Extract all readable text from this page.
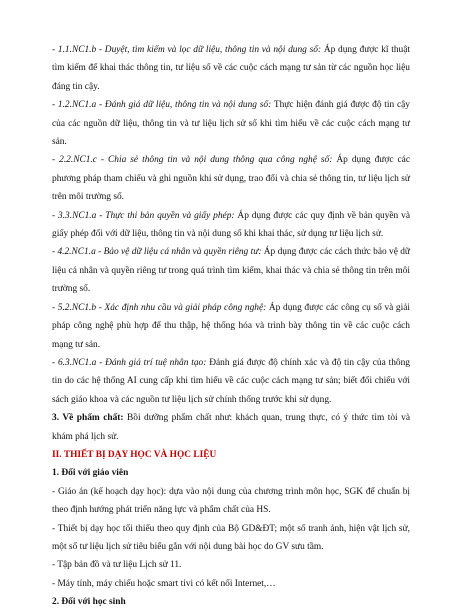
- 1.1.NC1.b - Duyệt, tìm kiếm và lọc dữ liệu, thông tin và nội dung số: Áp dụng được kĩ thuật tìm kiếm để khai thác thông tin, tư liệu số về các cuộc cách mạng tư sản từ các nguồn học liệu đáng tin cậy.

- 1.2.NC1.a - Đánh giá dữ liệu, thông tin và nội dung số: Thực hiện đánh giá được độ tin cậy của các nguồn dữ liệu, thông tin và tư liệu lịch sử số khi tìm hiểu về các cuộc cách mạng tư sản.

- 2.2.NC1.c - Chia sẻ thông tin và nội dung thông qua công nghệ số: Áp dụng được các phương pháp tham chiếu và ghi nguồn khi sử dụng, trao đổi và chia sẻ thông tin, tư liệu lịch sử trên môi trường số.

- 3.3.NC1.a - Thực thi bản quyền và giấy phép: Áp dụng được các quy định về bản quyền và giấy phép đối với dữ liệu, thông tin và nội dung số khi khai thác, sử dụng tư liệu lịch sử.

- 4.2.NC1.a - Bảo vệ dữ liệu cá nhân và quyền riêng tư: Áp dụng được các cách thức bảo vệ dữ liệu cá nhân và quyền riêng tư trong quá trình tìm kiếm, khai thác và chia sẻ thông tin trên môi trường số.

- 5.2.NC1.b - Xác định nhu cầu và giải pháp công nghệ: Áp dụng được các công cụ số và giải pháp công nghệ phù hợp để thu thập, hệ thống hóa và trình bày thông tin về các cuộc cách mạng tư sản.

- 6.3.NC1.a - Đánh giá trí tuệ nhân tạo: Đánh giá được độ chính xác và độ tin cậy của thông tin do các hệ thống AI cung cấp khi tìm hiểu về các cuộc cách mạng tư sản; biết đối chiếu với sách giáo khoa và các nguồn tư liệu lịch sử chính thống trước khi sử dụng.

3. Về phẩm chất: Bồi dưỡng phẩm chất như: khách quan, trung thực, có ý thức tìm tòi và khám phá lịch sử.

II. THIẾT BỊ DẠY HỌC VÀ HỌC LIỆU

1. Đối với giáo viên

- Giáo án (kế hoạch dạy học): dựa vào nội dung của chương trình môn học, SGK để chuẩn bị theo định hướng phát triển năng lực và phẩm chất của HS.

- Thiết bị dạy học tối thiểu theo quy định của Bộ GD&ĐT; một số tranh ảnh, hiện vật lịch sử, một số tư liệu lịch sử tiêu biểu gắn với nội dung bài học do GV sưu tầm.

- Tập bản đồ và tư liệu Lịch sử 11.

- Máy tính, máy chiếu hoặc smart tivi có kết nối Internet,…

2. Đối với học sinh
